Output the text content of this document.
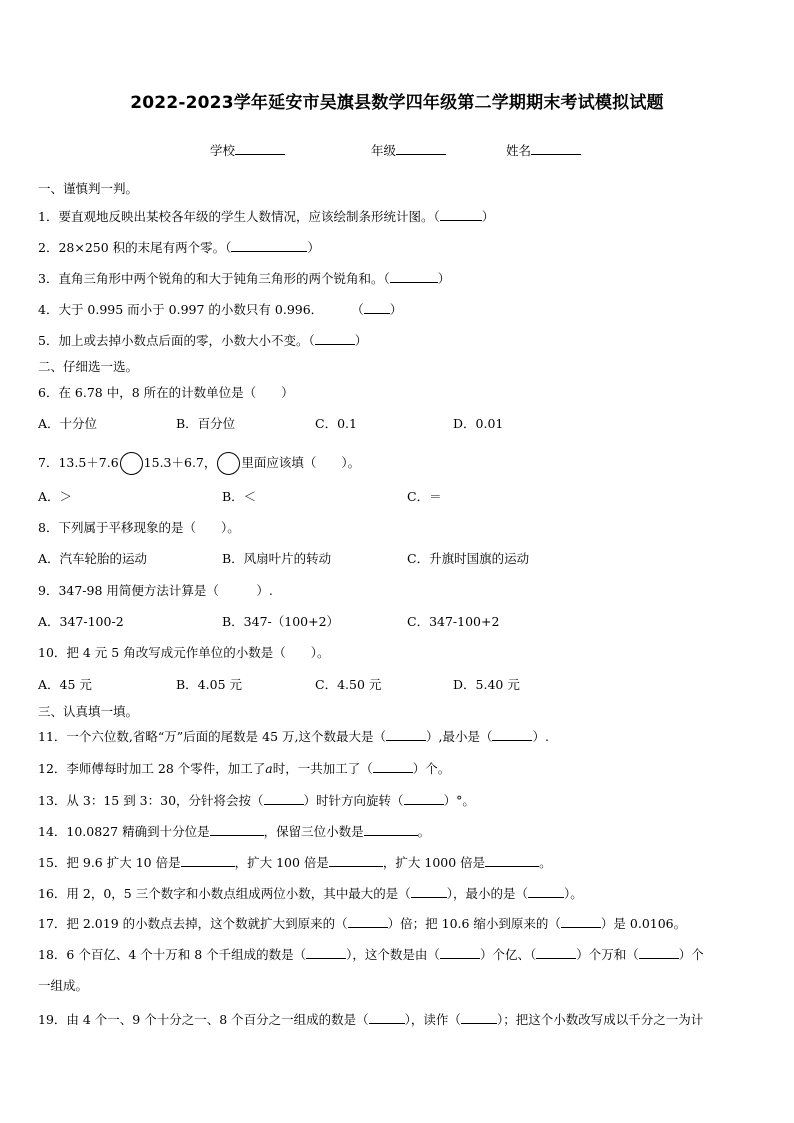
2022-2023学年延安市吴旗县数学四年级第二学期期末考试模拟试题
学校	年级	姓名
一、谨慎判一判。
1．要直观地反映出某校各年级的学生人数情况，应该绘制条形统计图。（	）
2．28×250 积的末尾有两个零。（	）
3．直角三角形中两个锐角的和大于钝角三角形的两个锐角和。（	）
4．大于 0.995 而小于 0.997 的小数只有 0.996． （ ）
5．加上或去掉小数点后面的零，小数大小不变。（	）
二、仔细选一选。
6．在 6.78 中，8 所在的计数单位是（　　）
A．十分位	B．百分位	C．0.1	D．0.01
7．13.5＋7.6 15.3＋6.7， 里面应该填（　　）。
A．＞	B．＜	C．＝
8．下列属于平移现象的是（　　）。
A．汽车轮胎的运动	B．风扇叶片的转动	C．升旗时国旗的运动
9．347-98 用简便方法计算是（　　　）.
A．347-100-2	B．347-（100+2）	C．347-100+2
10．把 4 元 5 角改写成元作单位的小数是（　　）。
A．45 元	B．4.05 元	C．4.50 元	D．5.40 元
三、认真填一填。
11．一个六位数,省略“万”后面的尾数是 45 万,这个数最大是（	）,最小是（	）.
12．李师傅每时加工 28 个零件，加工了a时，一共加工了（	）个。
13．从 3：15 到 3：30，分针将会按（	）时针方向旋转（	）°。
14．10.0827 精确到十分位是	，保留三位小数是	。
15．把 9.6 扩大 10 倍是	，扩大 100 倍是	，扩大 1000 倍是	。
16．用 2，0，5 三个数字和小数点组成两位小数，其中最大的是（	），最小的是（	）。
17．把 2.019 的小数点去掉，这个数就扩大到原来的（	）倍；把 10.6 缩小到原来的（	）是 0.0106。
18．6 个百亿、4 个十万和 8 个千组成的数是（	），这个数是由（	）个亿、（	）个万和（	）个
一组成。
19．由 4 个一、9 个十分之一、8 个百分之一组成的数是（	），读作（	）；把这个小数改写成以千分之一为计
